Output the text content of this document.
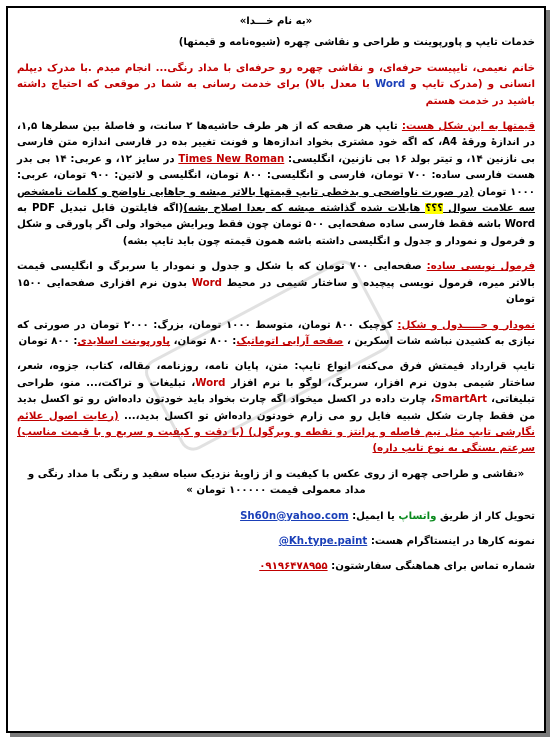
«به نام خـــدا»

خدمات تایپ و پاورپوینت و طراحی و نقاشی چهره (شیوه‌نامه و قیمتها)

خانم نعیمی، تایپیست حرفه‌ای، و نقاشی چهره رو حرفه‌ای با مداد رنگی... انجام میدم .با مدرک دیپلم انسانی و (مدرک تایپ و Word با معدل بالا) برای خدمت رسانی به شما در موقعی که احتیاج داشته باشید در خدمت هستم

قیمتها به این شکل هست: تایپ هر صفحه که از هر طرف حاشیه‌ها ۲ سانت، و فاصلهٔ بین سطرها ۱,۵، در اندازهٔ ورقهٔ A4، که اگه خود مشتری بخواد اندازه‌ها و فونت تغییر بده در فارسی اندازه متن فارسی بی نازنین ۱۴، و تیتر بولد ۱۶ بی نازنین، انگلیسی: Times New Roman در سایز ۱۲، و عربی: ۱۴ بی بدر هست فارسی ساده: ۷۰۰ تومان، فارسی و انگلیسی: ۸۰۰ تومان، انگلیسی و لاتین: ۹۰۰ تومان، عربی: ۱۰۰۰ تومان (در صورت ناواضحی و بدخطی تایپ قیمتها بالاتر میشه و جاهایی ناواضح و کلمات نامشخص سه علامت سوال ؟؟؟ هایلات شده گذاشته میشه که بعدا اصلاح بشه)(اگه فایلتون قابل تبدیل PDF به Word باشه فقط فارسی ساده صفحه‌ایی ۵۰۰ تومان چون فقط ویرایش میخواد ولی اگر پاورقی و شکل و فرمول و نمودار و جدول و انگلیسی داشته باشه همون قیمته چون باید تایپ بشه)

فرمول نویسی ساده: صفحه‌ایی ۷۰۰ تومان که با شکل و جدول و نمودار یا سربرگ و انگلیسی قیمت بالاتر میره، فرمول نویسی پیچیده و ساختار شیمی در محیط Word بدون نرم افزاری صفحه‌ایی ۱۵۰۰ تومان

نمودار و جـــــدول و شکل: کوچیک ۸۰۰ تومان، متوسط ۱۰۰۰ تومان، بزرگ: ۲۰۰۰ تومان در صورتی که نیازی به کشیدن نباشه شات اسکرین ، صفحه آرایی اتوماتیک: ۸۰۰ تومان، پاورپوینت اسلایدی: ۸۰۰ تومان

تایپ قرارداد قیمتش فرق می‌کنه، انواع تایپ: متن، پایان نامه، روزنامه، مقاله، کتاب، جزوه، شعر، ساختار شیمی بدون نرم افزار، سربرگ، لوگو با نرم افزار Word، تبلیغات و تراکت،... منو، طراحی تبلیغاتی، SmartArt، چارت داده در اکسل میخواد اگه چارت بخواد باید خودتون داده‌اش رو تو اکسل بدید من فقط چارت شکل شبیه فایل رو می زارم خودتون داده‌اش تو اکسل بدید،... (رعایت اصول علائم نگارشی تایپ مثل نیم فاصله و پرانتز و نقطه و ویرگول) (با دقت و کیفیت و سریع و با قیمت مناسب) سرعتم بستگی به نوع تایپ داره)

«نقاشی و طراحی چهره از روی عکس با کیفیت و از زاویهٔ نزدیک سیاه سفید و رنگی با مداد رنگی و مداد معمولی قیمت ۱۰۰۰۰۰ تومان »

تحویل کار از طریق واتساپ یا ایمیل: Sh60n@yahoo.com

نمونه کارها در اینستاگرام هست: @Kh.type.paint

شماره تماس برای هماهنگی سفارشتون: ۰۹۱۹۶۴۷۸۹۵۵
